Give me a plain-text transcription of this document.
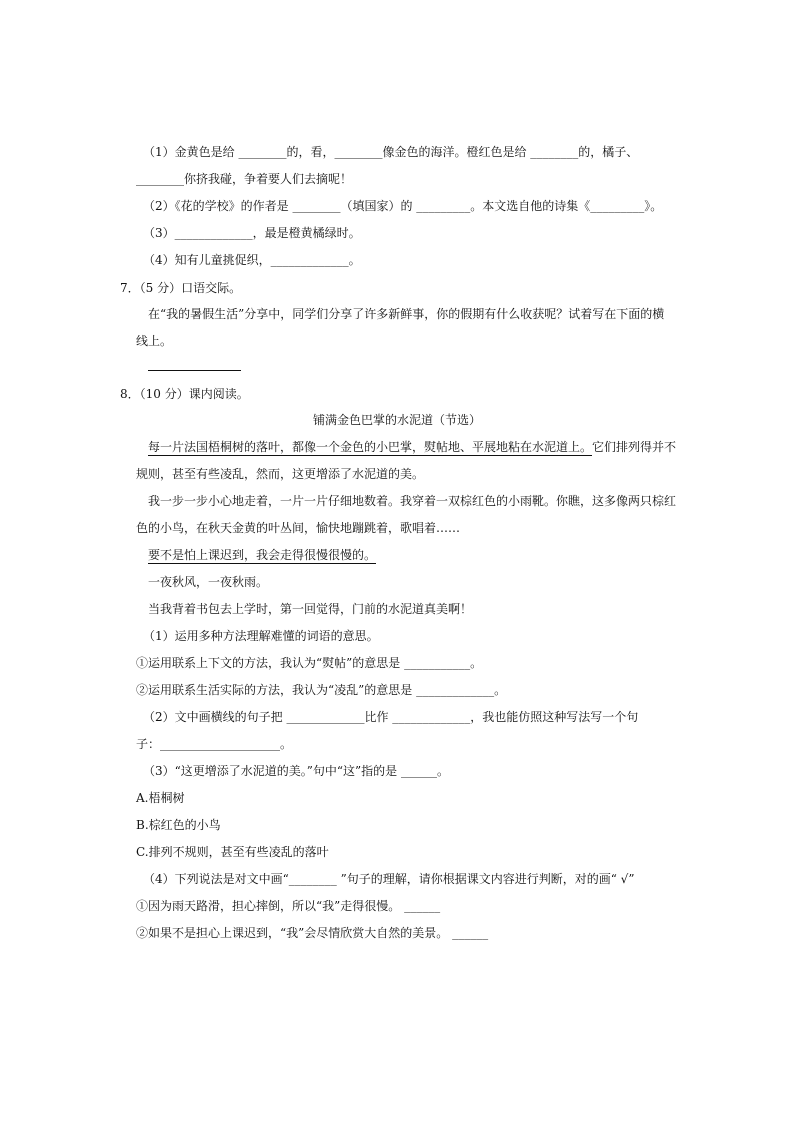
（1）金黄色是给 ________的，看，________像金色的海洋。橙红色是给 ________的，橘子、
________你挤我碰，争着要人们去摘呢！
（2）《花的学校》的作者是 ________（填国家）的 _________。本文选自他的诗集《_________》。
（3）_____________，最是橙黄橘绿时。
（4）知有儿童挑促织，_____________。
7．（5 分）口语交际。
在“我的暑假生活”分享中，同学们分享了许多新鲜事，你的假期有什么收获呢？试着写在下面的横
线上。
8．（10 分）课内阅读。
铺满金色巴掌的水泥道（节选）
每一片法国梧桐树的落叶，都像一个金色的小巴掌，熨帖地、平展地粘在水泥道上。它们排列得并不
规则，甚至有些凌乱，然而，这更增添了水泥道的美。
我一步一步小心地走着，一片一片仔细地数着。我穿着一双棕红色的小雨靴。你瞧，这多像两只棕红
色的小鸟，在秋天金黄的叶丛间，愉快地蹦跳着，歌唱着……
要不是怕上课迟到，我会走得很慢很慢的。
一夜秋风，一夜秋雨。
当我背着书包去上学时，第一回觉得，门前的水泥道真美啊！
（1）运用多种方法理解难懂的词语的意思。
①运用联系上下文的方法，我认为“熨帖”的意思是 ___________。
②运用联系生活实际的方法，我认为“凌乱”的意思是 _____________。
（2）文中画横线的句子把 _____________比作 _____________，我也能仿照这种写法写一个句
子：____________________。
（3）“这更增添了水泥道的美。”句中“这”指的是 ______。
A.梧桐树
B.棕红色的小鸟
C.排列不规则，甚至有些凌乱的落叶
（4）下列说法是对文中画“________ ”句子的理解，请你根据课文内容进行判断，对的画“ √”
①因为雨天路滑，担心摔倒，所以“我”走得很慢。 ______
②如果不是担心上课迟到，“我”会尽情欣赏大自然的美景。 ______
